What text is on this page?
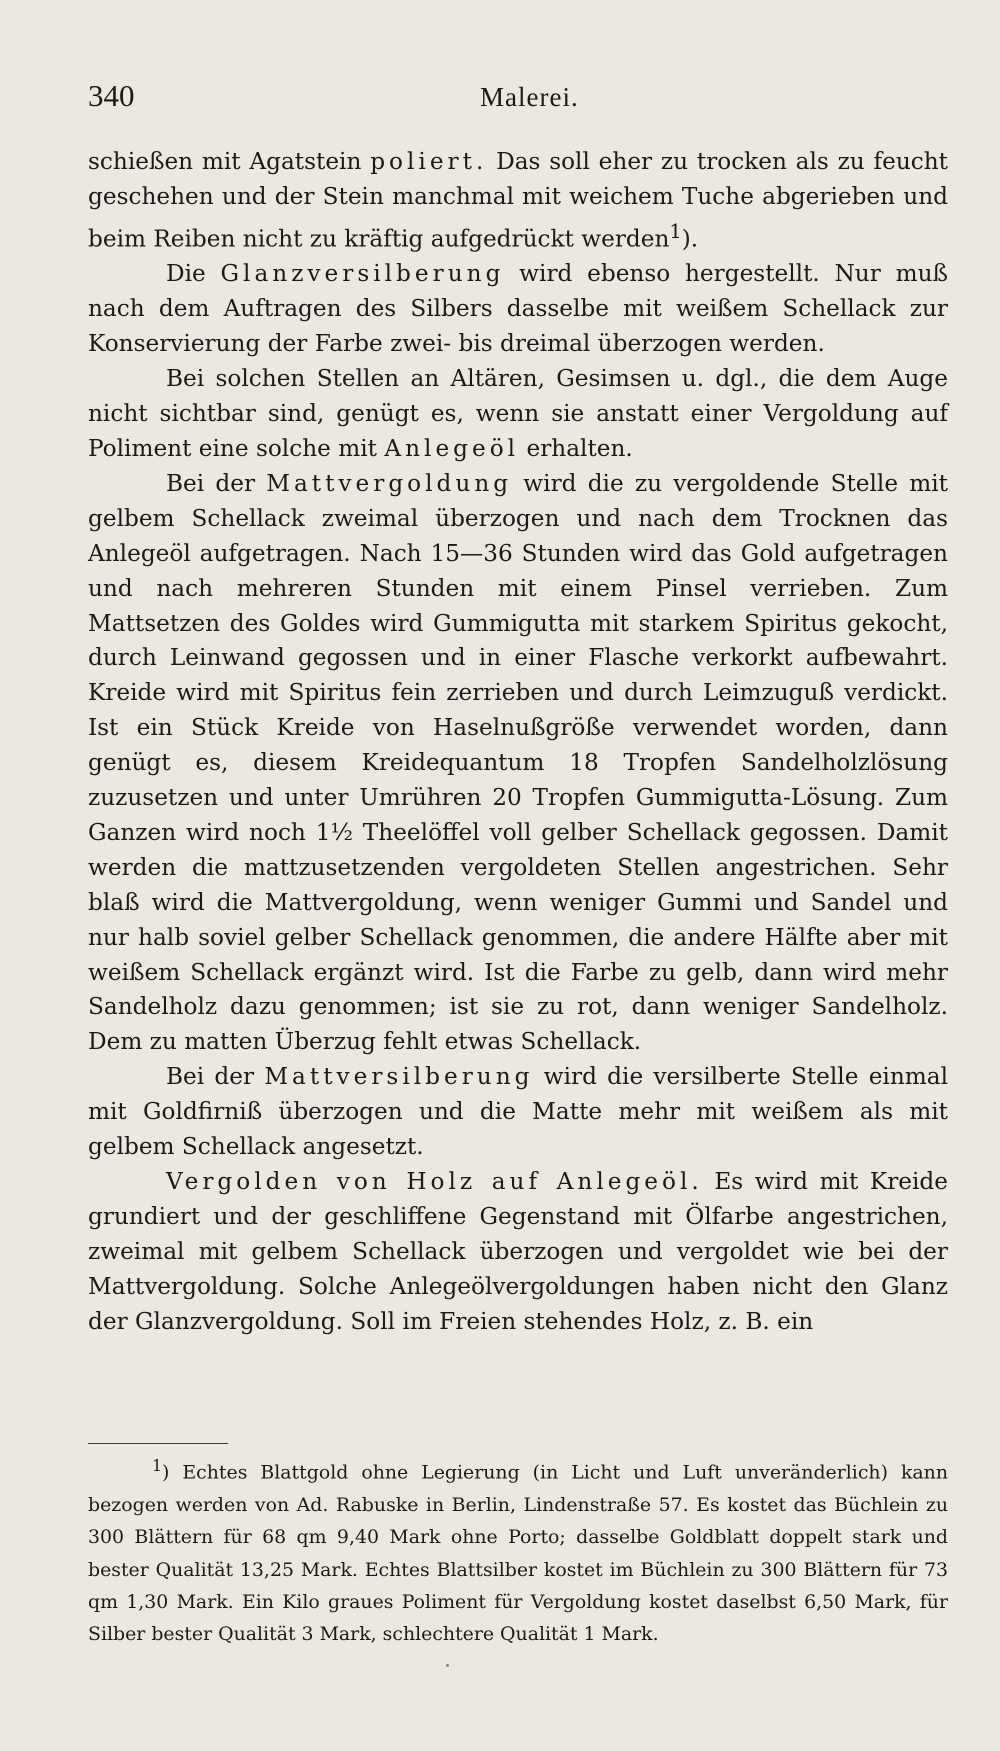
340	Malerei.

schießen mit Agatstein poliert. Das soll eher zu trocken als zu feucht geschehen und der Stein manchmal mit weichem Tuche abgerieben und beim Reiben nicht zu kräftig aufgedrückt werden$^1$).

Die Glanzversilberung wird ebenso hergestellt. Nur muß nach dem Auftragen des Silbers dasselbe mit weißem Schellack zur Konservierung der Farbe zwei- bis dreimal überzogen werden.

Bei solchen Stellen an Altären, Gesimsen u. dgl., die dem Auge nicht sichtbar sind, genügt es, wenn sie anstatt einer Vergoldung auf Poliment eine solche mit Anlegeöl erhalten.

Bei der Mattvergoldung wird die zu vergoldende Stelle mit gelbem Schellack zweimal überzogen und nach dem Trocknen das Anlegeöl aufgetragen. Nach 15—36 Stunden wird das Gold aufgetragen und nach mehreren Stunden mit einem Pinsel verrieben. Zum Mattsetzen des Goldes wird Gummigutta mit starkem Spiritus gekocht, durch Leinwand gegossen und in einer Flasche verkorkt aufbewahrt. Kreide wird mit Spiritus fein zerrieben und durch Leimzuguß verdickt. Ist ein Stück Kreide von Haselnußgröße verwendet worden, dann genügt es, diesem Kreidequantum 18 Tropfen Sandelholzlösung zuzusetzen und unter Umrühren 20 Tropfen Gummigutta-Lösung. Zum Ganzen wird noch 1½ Theelöffel voll gelber Schellack gegossen. Damit werden die mattzusetzenden vergoldeten Stellen angestrichen. Sehr blaß wird die Mattvergoldung, wenn weniger Gummi und Sandel und nur halb soviel gelber Schellack genommen, die andere Hälfte aber mit weißem Schellack ergänzt wird. Ist die Farbe zu gelb, dann wird mehr Sandelholz dazu genommen; ist sie zu rot, dann weniger Sandelholz. Dem zu matten Überzug fehlt etwas Schellack.

Bei der Mattversilberung wird die versilberte Stelle einmal mit Goldfirniß überzogen und die Matte mehr mit weißem als mit gelbem Schellack angesetzt.

Vergolden von Holz auf Anlegeöl. Es wird mit Kreide grundiert und der geschliffene Gegenstand mit Ölfarbe angestrichen, zweimal mit gelbem Schellack überzogen und vergoldet wie bei der Mattvergoldung. Solche Anlegeölvergoldungen haben nicht den Glanz der Glanzvergoldung. Soll im Freien stehendes Holz, z. B. ein

$^1$) Echtes Blattgold ohne Legierung (in Licht und Luft unveränderlich) kann bezogen werden von Ad. Rabuske in Berlin, Lindenstraße 57. Es kostet das Büchlein zu 300 Blättern für 68 qm 9,40 Mark ohne Porto; dasselbe Goldblatt doppelt stark und bester Qualität 13,25 Mark. Echtes Blattsilber kostet im Büchlein zu 300 Blättern für 73 qm 1,30 Mark. Ein Kilo graues Poliment für Vergoldung kostet daselbst 6,50 Mark, für Silber bester Qualität 3 Mark, schlechtere Qualität 1 Mark.
